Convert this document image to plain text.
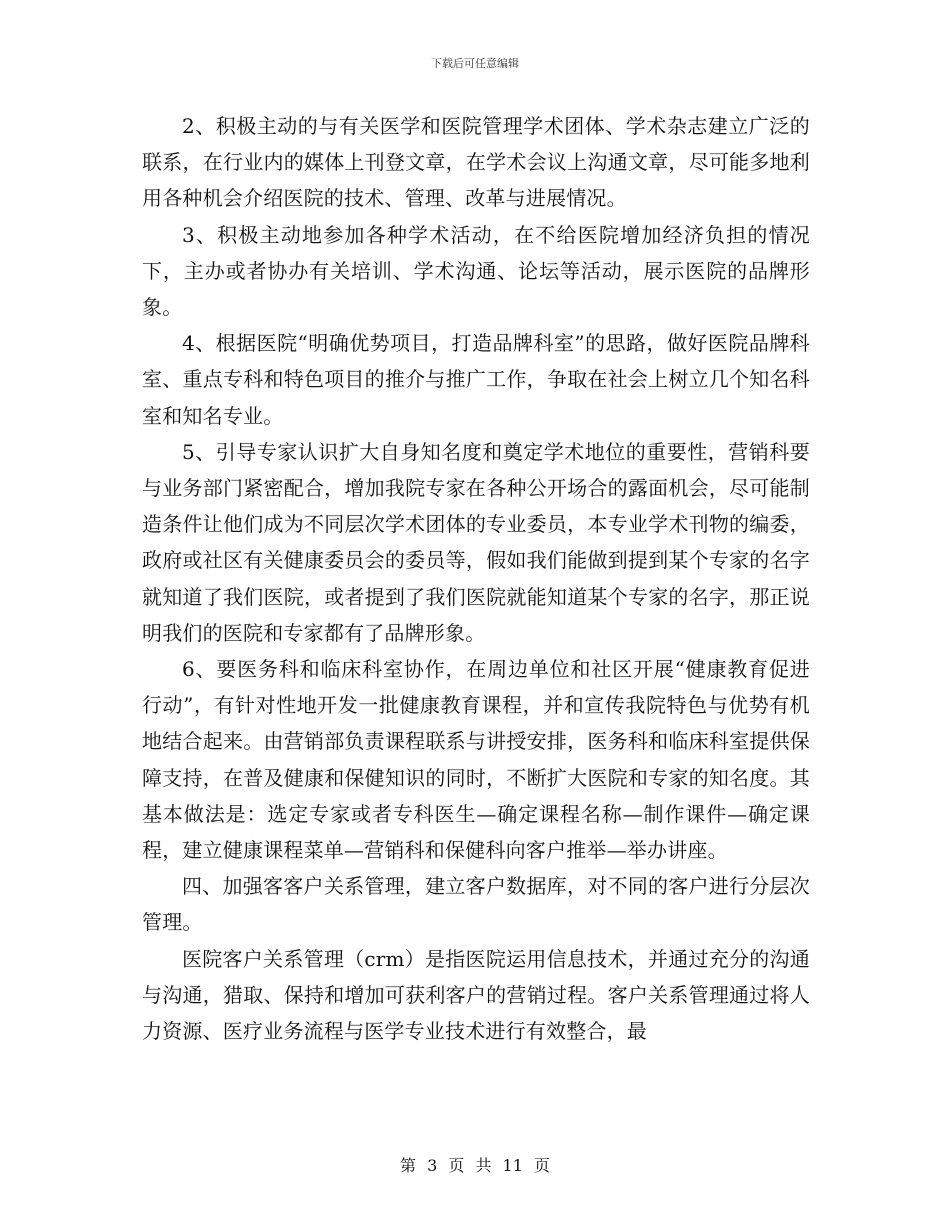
下载后可任意编辑

2、积极主动的与有关医学和医院管理学术团体、学术杂志建立广泛的联系，在行业内的媒体上刊登文章，在学术会议上沟通文章，尽可能多地利用各种机会介绍医院的技术、管理、改革与进展情况。

3、积极主动地参加各种学术活动，在不给医院增加经济负担的情况下，主办或者协办有关培训、学术沟通、论坛等活动，展示医院的品牌形象。

4、根据医院“明确优势项目，打造品牌科室”的思路，做好医院品牌科室、重点专科和特色项目的推介与推广工作，争取在社会上树立几个知名科室和知名专业。

5、引导专家认识扩大自身知名度和奠定学术地位的重要性，营销科要与业务部门紧密配合，增加我院专家在各种公开场合的露面机会，尽可能制造条件让他们成为不同层次学术团体的专业委员，本专业学术刊物的编委，政府或社区有关健康委员会的委员等，假如我们能做到提到某个专家的名字就知道了我们医院，或者提到了我们医院就能知道某个专家的名字，那正说明我们的医院和专家都有了品牌形象。

6、要医务科和临床科室协作，在周边单位和社区开展“健康教育促进行动”，有针对性地开发一批健康教育课程，并和宣传我院特色与优势有机地结合起来。由营销部负责课程联系与讲授安排，医务科和临床科室提供保障支持，在普及健康和保健知识的同时，不断扩大医院和专家的知名度。其基本做法是：选定专家或者专科医生—确定课程名称—制作课件—确定课程，建立健康课程菜单—营销科和保健科向客户推举—举办讲座。

四、加强客客户关系管理，建立客户数据库，对不同的客户进行分层次管理。

医院客户关系管理（crm）是指医院运用信息技术，并通过充分的沟通与沟通，猎取、保持和增加可获利客户的营销过程。客户关系管理通过将人力资源、医疗业务流程与医学专业技术进行有效整合，最

第 3 页 共 11 页
